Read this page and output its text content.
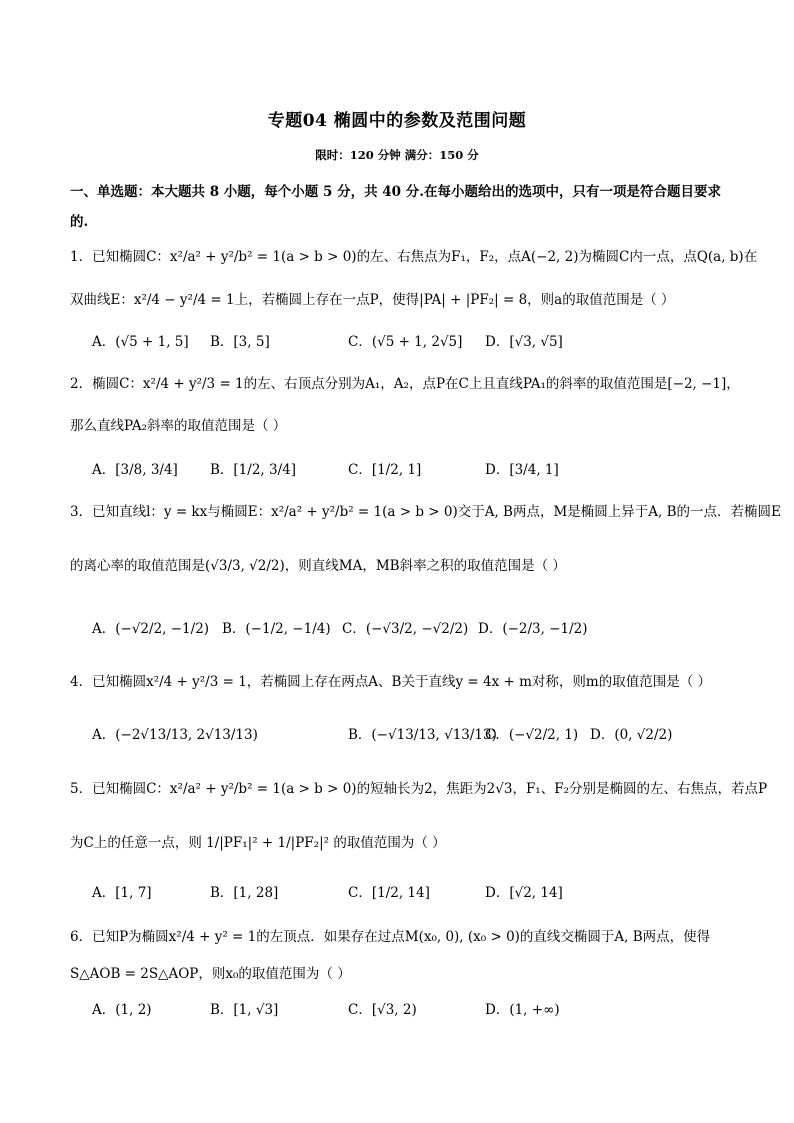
专题04 椭圆中的参数及范围问题
限时：120 分钟 满分：150 分
一、单选题：本大题共 8 小题，每个小题 5 分，共 40 分.在每小题给出的选项中，只有一项是符合题目要求的.
1．已知椭圆C：x²/a² + y²/b² = 1(a > b > 0)的左、右焦点为F₁，F₂，点A(−2, 2)为椭圆C内一点，点Q(a, b)在
双曲线E：x²/4 − y²/4 = 1上，若椭圆上存在一点P，使得|PA| + |PF₂| = 8，则a的取值范围是（ ）
A．(√5 + 1, 5] B．[3, 5]	C．(√5 + 1, 2√5] D．[√3, √5]
2．椭圆C：x²/4 + y²/3 = 1的左、右顶点分别为A₁，A₂，点P在C上且直线PA₁的斜率的取值范围是[−2, −1]，
那么直线PA₂斜率的取值范围是（ ）
A．[3/8, 3/4] B．[1/2, 3/4]	C．[1/2, 1]	D．[3/4, 1]
3．已知直线l：y = kx与椭圆E：x²/a² + y²/b² = 1(a > b > 0)交于A, B两点，M是椭圆上异于A, B的一点．若椭圆E
的离心率的取值范围是(√3/3, √2/2)，则直线MA，MB斜率之积的取值范围是（ ）
A．(−√2/2, −1/2) B．(−1/2, −1/4) C．(−√3/2, −√2/2) D．(−2/3, −1/2)
4．已知椭圆x²/4 + y²/3 = 1，若椭圆上存在两点A、B关于直线y = 4x + m对称，则m的取值范围是（ ）
A．(−2√13/13, 2√13/13)	B．(−√13/13, √13/13)
C．(−√2/2, 1) D．(0, √2/2)
5．已知椭圆C：x²/a² + y²/b² = 1(a > b > 0)的短轴长为2，焦距为2√3，F₁、F₂分别是椭圆的左、右焦点，若点P
为C上的任意一点，则 1/|PF₁|² + 1/|PF₂|² 的取值范围为（ ）
A．[1, 7]	B．[1, 28]	C．[1/2, 14]	D．[√2, 14]
6．已知P为椭圆x²/4 + y² = 1的左顶点．如果存在过点M(x₀, 0), (x₀ > 0)的直线交椭圆于A, B两点，使得
S△AOB = 2S△AOP，则x₀的取值范围为（ ）
A．(1, 2)	B．[1, √3]	C．[√3, 2)	D．(1, +∞)
